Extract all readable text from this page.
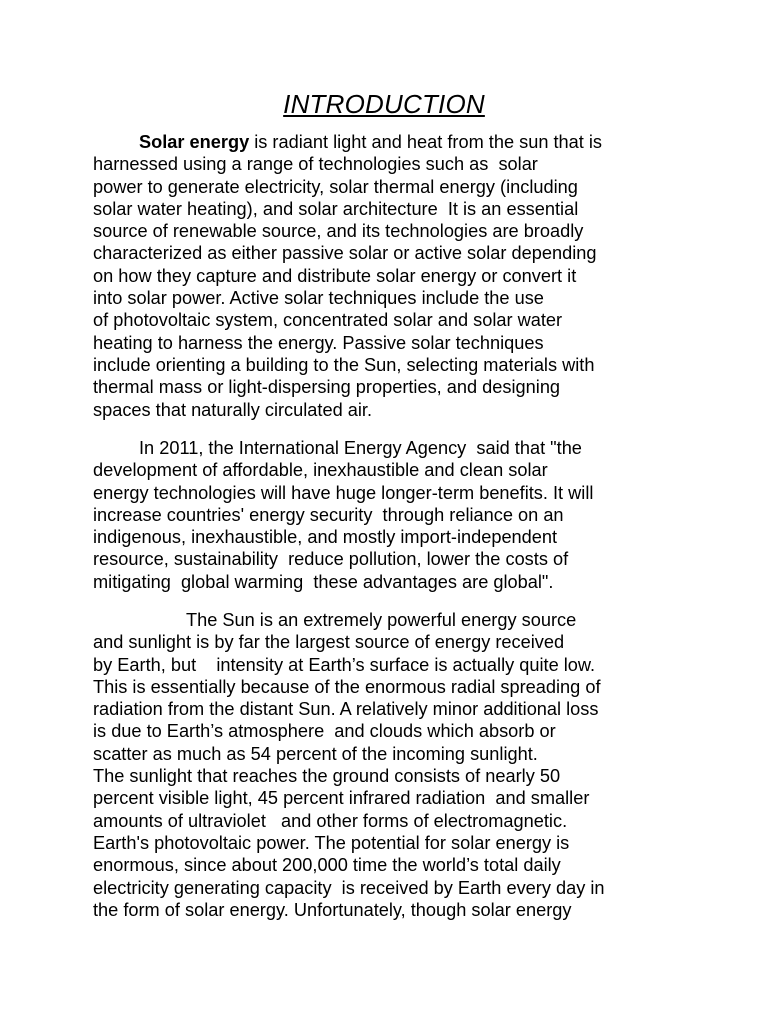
INTRODUCTION
Solar energy is radiant light and heat from the sun that is
harnessed using a range of technologies such as  solar
power to generate electricity, solar thermal energy (including
solar water heating), and solar architecture  It is an essential
source of renewable source, and its technologies are broadly
characterized as either passive solar or active solar depending
on how they capture and distribute solar energy or convert it
into solar power. Active solar techniques include the use
of photovoltaic system, concentrated solar and solar water
heating to harness the energy. Passive solar techniques
include orienting a building to the Sun, selecting materials with
thermal mass or light-dispersing properties, and designing
spaces that naturally circulated air.
In 2011, the International Energy Agency  said that "the
development of affordable, inexhaustible and clean solar
energy technologies will have huge longer-term benefits. It will
increase countries' energy security  through reliance on an
indigenous, inexhaustible, and mostly import-independent
resource, sustainability  reduce pollution, lower the costs of
mitigating  global warming  these advantages are global".
The Sun is an extremely powerful energy source
and sunlight is by far the largest source of energy received
by Earth, but    intensity at Earth’s surface is actually quite low.
This is essentially because of the enormous radial spreading of
radiation from the distant Sun. A relatively minor additional loss
is due to Earth’s atmosphere  and clouds which absorb or
scatter as much as 54 percent of the incoming sunlight.
The sunlight that reaches the ground consists of nearly 50
percent visible light, 45 percent infrared radiation  and smaller
amounts of ultraviolet   and other forms of electromagnetic.
Earth's photovoltaic power. The potential for solar energy is
enormous, since about 200,000 time the world’s total daily
electricity generating capacity  is received by Earth every day in
the form of solar energy. Unfortunately, though solar energy
